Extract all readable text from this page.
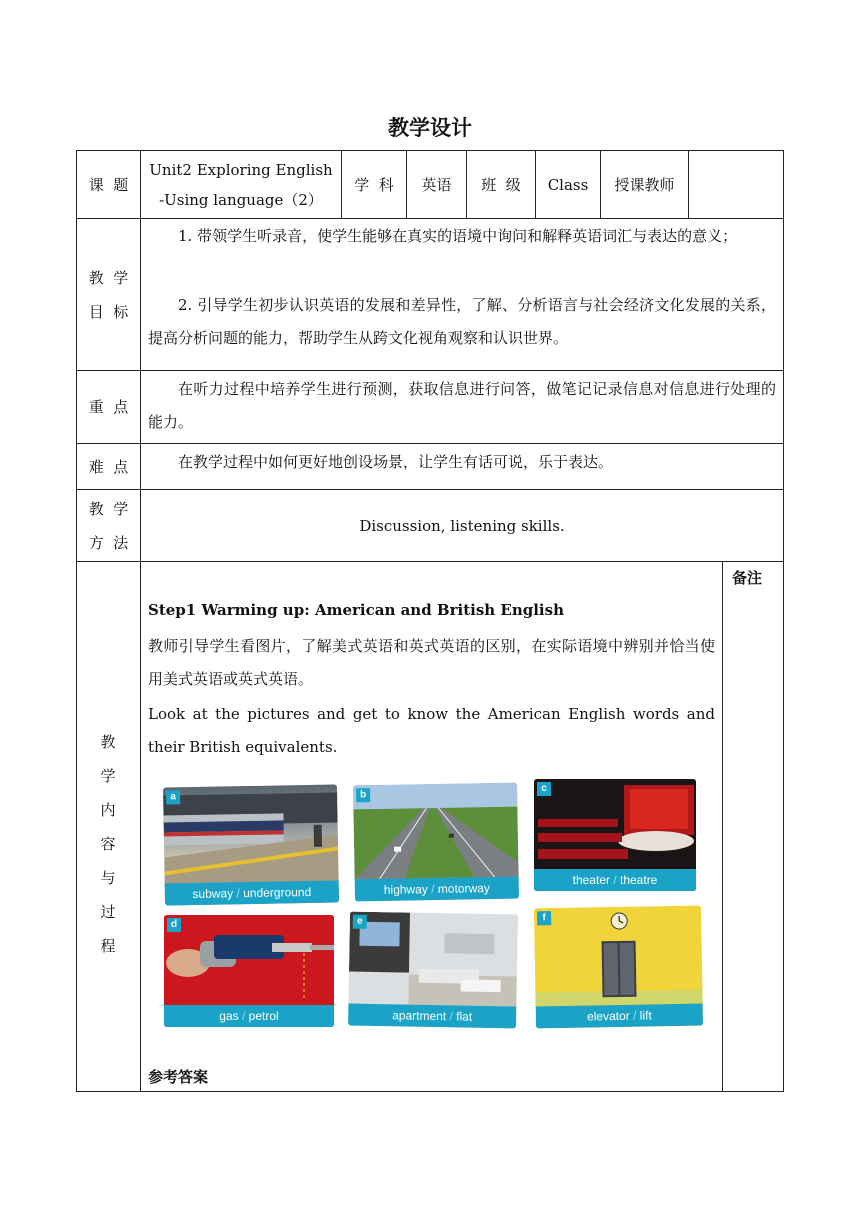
教学设计
课  题
Unit2 Exploring English
-Using language（2）
学  科 英语 班  级 Class 授课教师
教  学
目  标
1. 带领学生听录音，使学生能够在真实的语境中询问和解释英语词汇与表达的意义；
2. 引导学生初步认识英语的发展和差异性，了解、分析语言与社会经济文化发展的关系，提高分析问题的能力，帮助学生从跨文化视角观察和认识世界。
重  点
在听力过程中培养学生进行预测，获取信息进行问答，做笔记记录信息对信息进行处理的能力。
难  点	在教学过程中如何更好地创设场景，让学生有话可说，乐于表达。
教  学
方  法
Discussion, listening skills.
教
学
内
容
与
过
程
备注
Step1 Warming up: American and British English
教师引导学生看图片，了解美式英语和英式英语的区别，在实际语境中辨别并恰当使用美式英语或英式英语。
Look at the pictures and get to know the American English words and their British equivalents.
a
subway / underground
b
highway / motorway
c
theater / theatre
d
gas / petrol
e
apartment / flat
f
elevator / lift
参考答案
